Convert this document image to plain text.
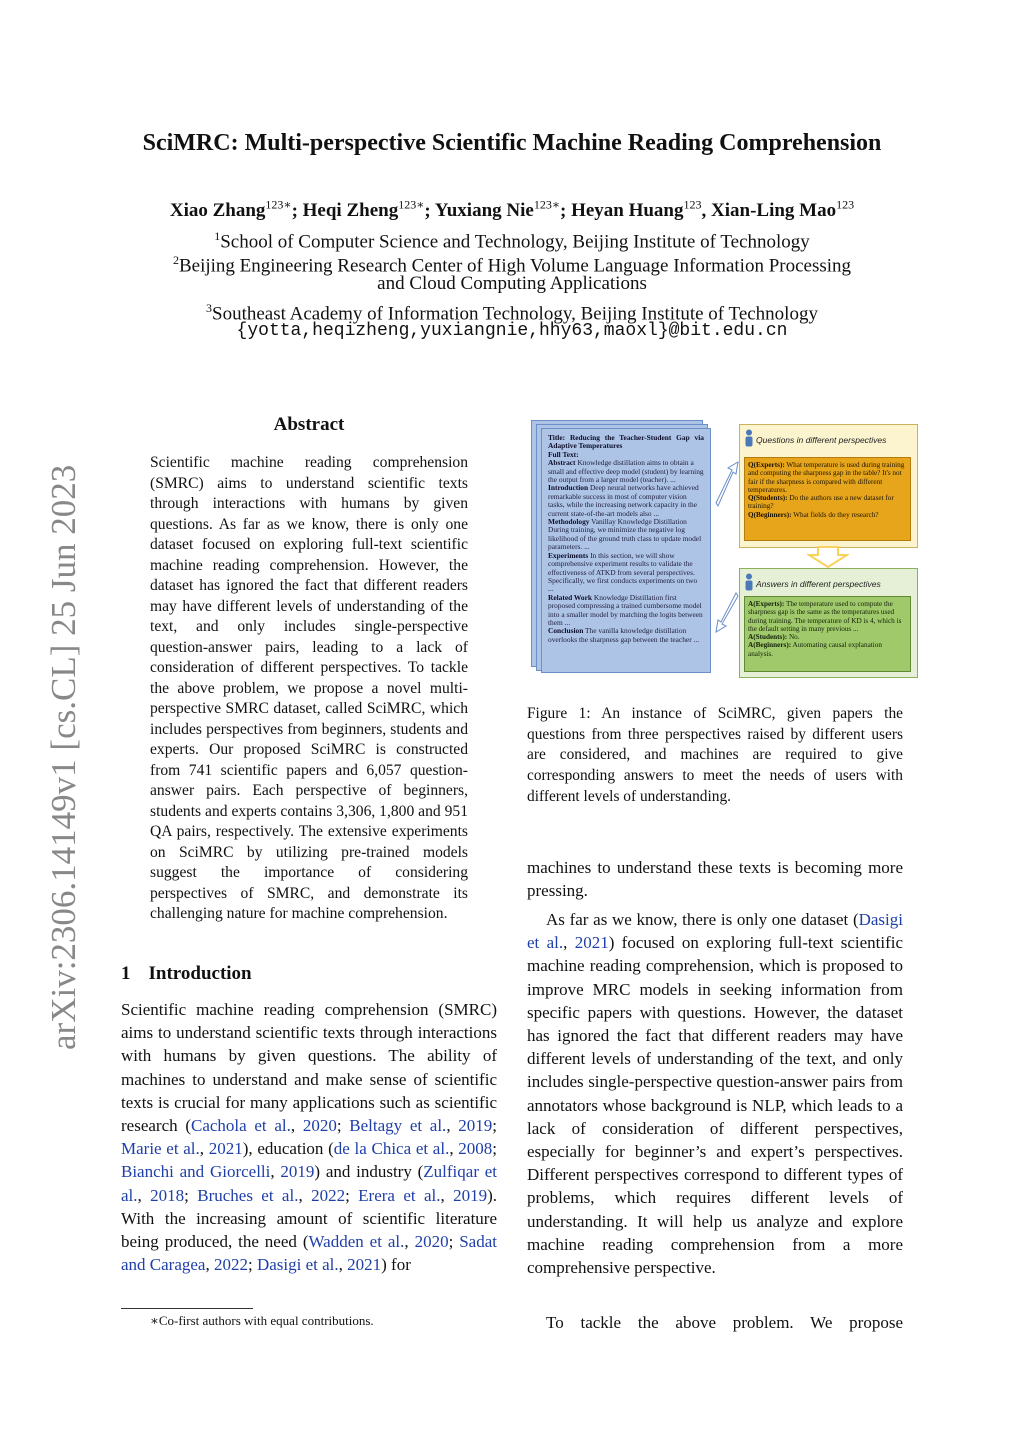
SciMRC: Multi-perspective Scientific Machine Reading Comprehension
Xiao Zhang$^{123∗}$; Heqi Zheng$^{123∗}$; Yuxiang Nie$^{123∗}$; Heyan Huang$^{123}$, Xian-Ling Mao$^{123}$
$^1$School of Computer Science and Technology, Beijing Institute of Technology
$^2$Beijing Engineering Research Center of High Volume Language Information Processing
and Cloud Computing Applications
$^3$Southeast Academy of Information Technology, Beijing Institute of Technology
{yotta,heqizheng,yuxiangnie,hhy63,maoxl}@bit.edu.cn
arXiv:2306.14149v1 [cs.CL] 25 Jun 2023
Abstract
Scientific machine reading comprehension (SMRC) aims to understand scientific texts through interactions with humans by given questions. As far as we know, there is only one dataset focused on exploring full-text scientific machine reading comprehension. However, the dataset has ignored the fact that different readers may have different levels of understanding of the text, and only includes single-perspective question-answer pairs, leading to a lack of consideration of different perspectives. To tackle the above problem, we propose a novel multi-perspective SMRC dataset, called SciMRC, which includes perspectives from beginners, students and experts. Our proposed SciMRC is constructed from 741 scientific papers and 6,057 question-answer pairs. Each perspective of beginners, students and experts contains 3,306, 1,800 and 951 QA pairs, respectively. The extensive experiments on SciMRC by utilizing pre-trained models suggest the importance of considering perspectives of SMRC, and demonstrate its challenging nature for machine comprehension.
1 Introduction
Scientific machine reading comprehension (SMRC) aims to understand scientific texts through interactions with humans by given questions. The ability of machines to understand and make sense of scientific texts is crucial for many applications such as scientific research (Cachola et al., 2020; Beltagy et al., 2019; Marie et al., 2021), education (de la Chica et al., 2008; Bianchi and Giorcelli, 2019) and industry (Zulfiqar et al., 2018; Bruches et al., 2022; Erera et al., 2019). With the increasing amount of scientific literature being produced, the need (Wadden et al., 2020; Sadat and Caragea, 2022; Dasigi et al., 2021) for
∗Co-first authors with equal contributions.
Title: Reducing the Teacher-Student Gap via Adaptive Temperatures
Full Text:
Abstract Knowledge distillation aims to obtain a small and effective deep model (student) by learning the output from a larger model (teacher). ...
Introduction Deep neural networks have achieved remarkable success in most of computer vision tasks, while the increasing network capacity in the current state-of-the-art models also ...
Methodology Vanillay Knowledge Distillation During training, we minimize the negative log likelihood of the ground truth class to update model parameters. ...
Experiments In this section, we will show comprehensive experiment results to validate the effectiveness of ATKD from several perspectives. Specifically, we first conducts experiments on two ...
Related Work Knowledge Distillation first proposed compressing a trained cumbersome model into a smaller model by matching the logits between them ...
Conclusion The vanilla knowledge distillation overlooks the sharpness gap between the teacher ...
Questions in different perspectives
Q(Experts): What temperature is used during training and computing the sharpness gap in the table? It's not fair if the sharpness is compared with different temperatures.
Q(Students): Do the authors use a new dataset for training?
Q(Beginners): What fields do they research?
Answers in different perspectives
A(Experts): The temperature used to compute the sharpness gap is the same as the temperatures used during training. The temperature of KD is 4, which is the default setting in many previous ...
A(Students): No.
A(Beginners): Automating causal explanation analysis.
Figure 1: An instance of SciMRC, given papers the questions from three perspectives raised by different users are considered, and machines are required to give corresponding answers to meet the needs of users with different levels of understanding.
machines to understand these texts is becoming more pressing.
As far as we know, there is only one dataset (Dasigi et al., 2021) focused on exploring full-text scientific machine reading comprehension, which is proposed to improve MRC models in seeking information from specific papers with questions. However, the dataset has ignored the fact that different readers may have different levels of understanding of the text, and only includes single-perspective question-answer pairs from annotators whose background is NLP, which leads to a lack of consideration of different perspectives, especially for beginner’s and expert’s perspectives. Different perspectives correspond to different types of problems, which requires different levels of understanding. It will help us analyze and explore machine reading comprehension from a more comprehensive perspective.
To tackle the above problem. We propose
